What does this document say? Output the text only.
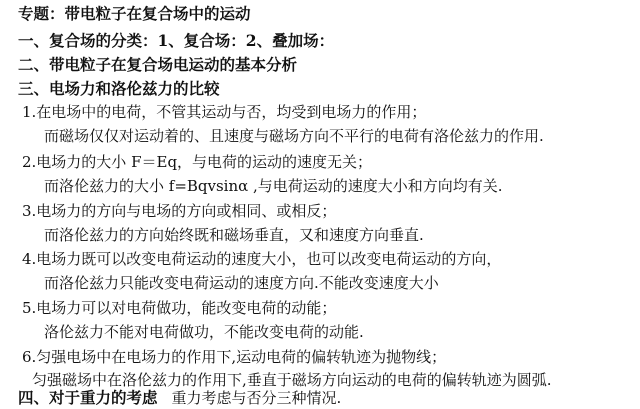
专题：带电粒子在复合场中的运动
一、复合场的分类：1、复合场：2、叠加场：
二、带电粒子在复合场电运动的基本分析
三、电场力和洛伦兹力的比较
1.在电场中的电荷，不管其运动与否，均受到电场力的作用；
而磁场仅仅对运动着的、且速度与磁场方向不平行的电荷有洛伦兹力的作用.
2.电场力的大小 F＝Eq，与电荷的运动的速度无关；
而洛伦兹力的大小 f=Bqvsinα ,与电荷运动的速度大小和方向均有关.
3.电场力的方向与电场的方向或相同、或相反；
而洛伦兹力的方向始终既和磁场垂直，又和速度方向垂直.
4.电场力既可以改变电荷运动的速度大小，也可以改变电荷运动的方向，
而洛伦兹力只能改变电荷运动的速度方向.不能改变速度大小
5.电场力可以对电荷做功，能改变电荷的动能；
洛伦兹力不能对电荷做功，不能改变电荷的动能.
6.匀强电场中在电场力的作用下,运动电荷的偏转轨迹为抛物线；
匀强磁场中在洛伦兹力的作用下,垂直于磁场方向运动的电荷的偏转轨迹为圆弧.
四、对于重力的考虑 重力考虑与否分三种情况.
